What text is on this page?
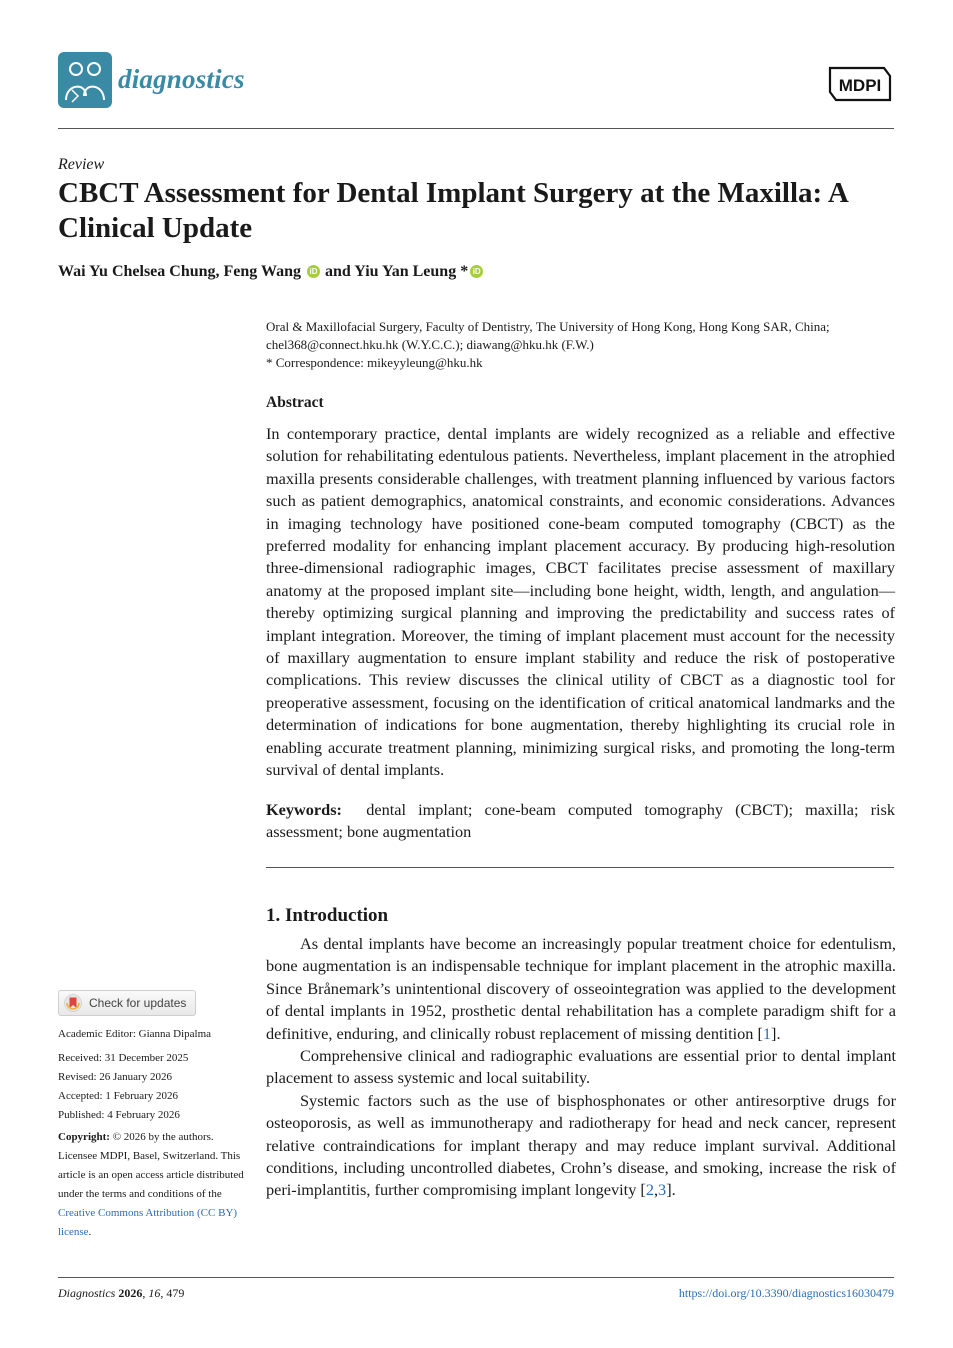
diagnostics	MDPI
Review
CBCT Assessment for Dental Implant Surgery at the Maxilla: A Clinical Update
Wai Yu Chelsea Chung, Feng Wang iD and Yiu Yan Leung * iD

Oral & Maxillofacial Surgery, Faculty of Dentistry, The University of Hong Kong, Hong Kong SAR, China;

chel368@connect.hku.hk (W.Y.C.C.); diawang@hku.hk (F.W.)

* Correspondence: mikeyyleung@hku.hk

Abstract

In contemporary practice, dental implants are widely recognized as a reliable and effective solution for rehabilitating edentulous patients. Nevertheless, implant placement in the atrophied maxilla presents considerable challenges, with treatment planning influenced by various factors such as patient demographics, anatomical constraints, and economic considerations. Advances in imaging technology have positioned cone-beam computed tomography (CBCT) as the preferred modality for enhancing implant placement accuracy. By producing high-resolution three-dimensional radiographic images, CBCT facilitates precise assessment of maxillary anatomy at the proposed implant site—including bone height, width, length, and angulation—thereby optimizing surgical planning and improving the predictability and success rates of implant integration. Moreover, the timing of implant placement must account for the necessity of maxillary augmentation to ensure implant stability and reduce the risk of postoperative complications. This review discusses the clinical utility of CBCT as a diagnostic tool for preoperative assessment, focusing on the identification of critical anatomical landmarks and the determination of indications for bone augmentation, thereby highlighting its crucial role in enabling accurate treatment planning, minimizing surgical risks, and promoting the long-term survival of dental implants.

Keywords: dental implant; cone-beam computed tomography (CBCT); maxilla; risk assessment; bone augmentation

1. Introduction

As dental implants have become an increasingly popular treatment choice for edentulism, bone augmentation is an indispensable technique for implant placement in the atrophic maxilla. Since Brånemark’s unintentional discovery of osseointegration was applied to the development of dental implants in 1952, prosthetic dental rehabilitation has a complete paradigm shift for a definitive, enduring, and clinically robust replacement of missing dentition [1].

Comprehensive clinical and radiographic evaluations are essential prior to dental implant placement to assess systemic and local suitability.

Systemic factors such as the use of bisphosphonates or other antiresorptive drugs for osteoporosis, as well as immunotherapy and radiotherapy for head and neck cancer, represent relative contraindications for implant therapy and may reduce implant survival. Additional conditions, including uncontrolled diabetes, Crohn’s disease, and smoking, increase the risk of peri-implantitis, further compromising implant longevity [2,3].

Check for updates
Academic Editor: Gianna Dipalma
Received: 31 December 2025
Revised: 26 January 2026
Accepted: 1 February 2026
Published: 4 February 2026
Copyright: © 2026 by the authors. Licensee MDPI, Basel, Switzerland. This article is an open access article distributed under the terms and conditions of the Creative Commons Attribution (CC BY) license.
Diagnostics 2026, 16, 479	https://doi.org/10.3390/diagnostics16030479
